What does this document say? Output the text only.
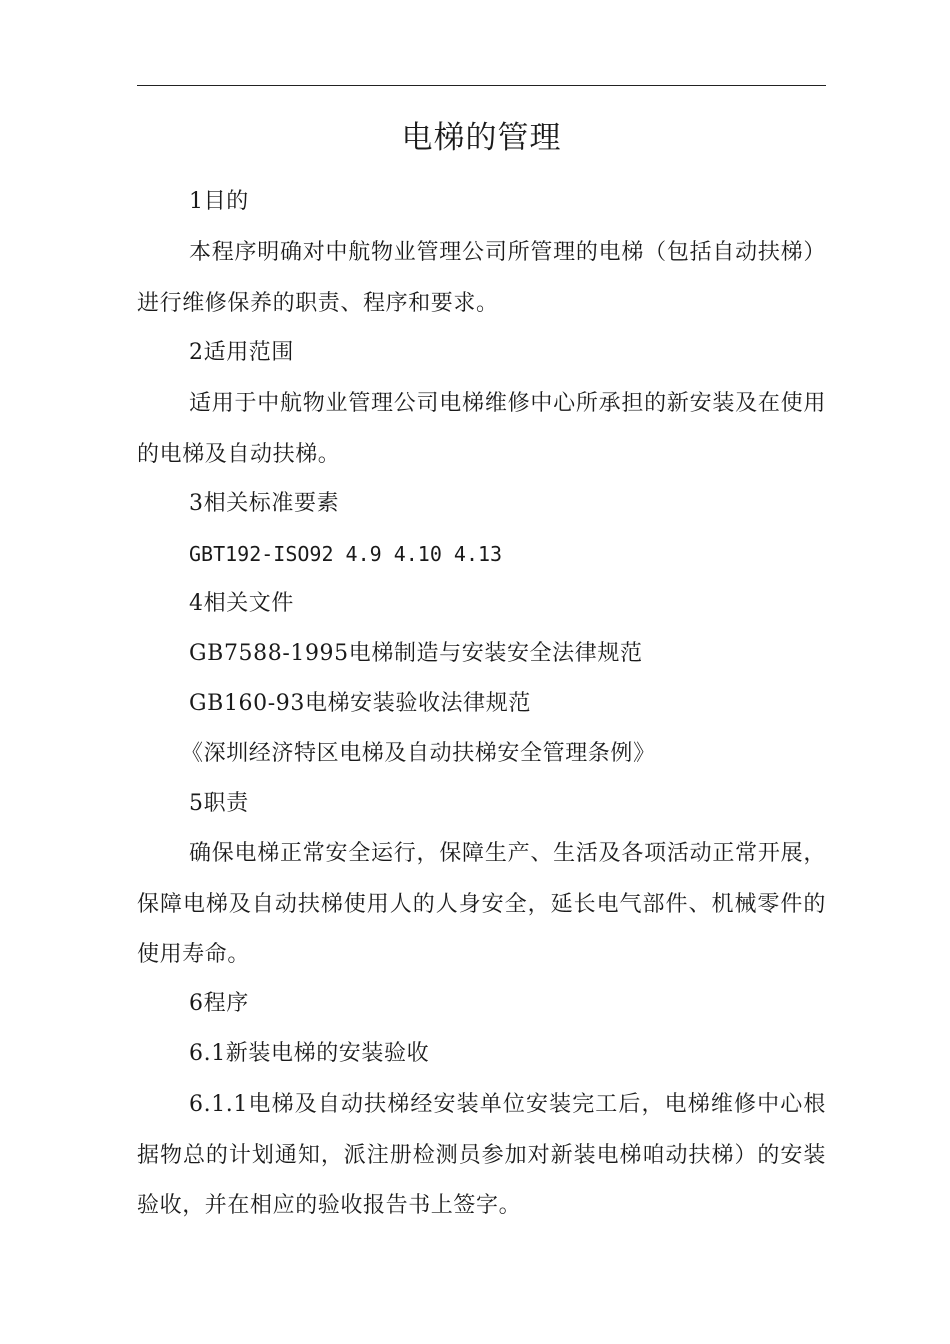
电梯的管理

1目的

本程序明确对中航物业管理公司所管理的电梯（包括自动扶梯）进行维修保养的职责、程序和要求。

2适用范围

适用于中航物业管理公司电梯维修中心所承担的新安装及在使用的电梯及自动扶梯。

3相关标准要素

GBT192-ISO92 4.9 4.10 4.13

4相关文件

GB7588-1995电梯制造与安装安全法律规范

GB160-93电梯安装验收法律规范

《深圳经济特区电梯及自动扶梯安全管理条例》

5职责

确保电梯正常安全运行，保障生产、生活及各项活动正常开展，保障电梯及自动扶梯使用人的人身安全，延长电气部件、机械零件的使用寿命。

6程序

6.1新装电梯的安装验收

6.1.1电梯及自动扶梯经安装单位安装完工后，电梯维修中心根据物总的计划通知，派注册检测员参加对新装电梯咱动扶梯）的安装验收，并在相应的验收报告书上签字。
